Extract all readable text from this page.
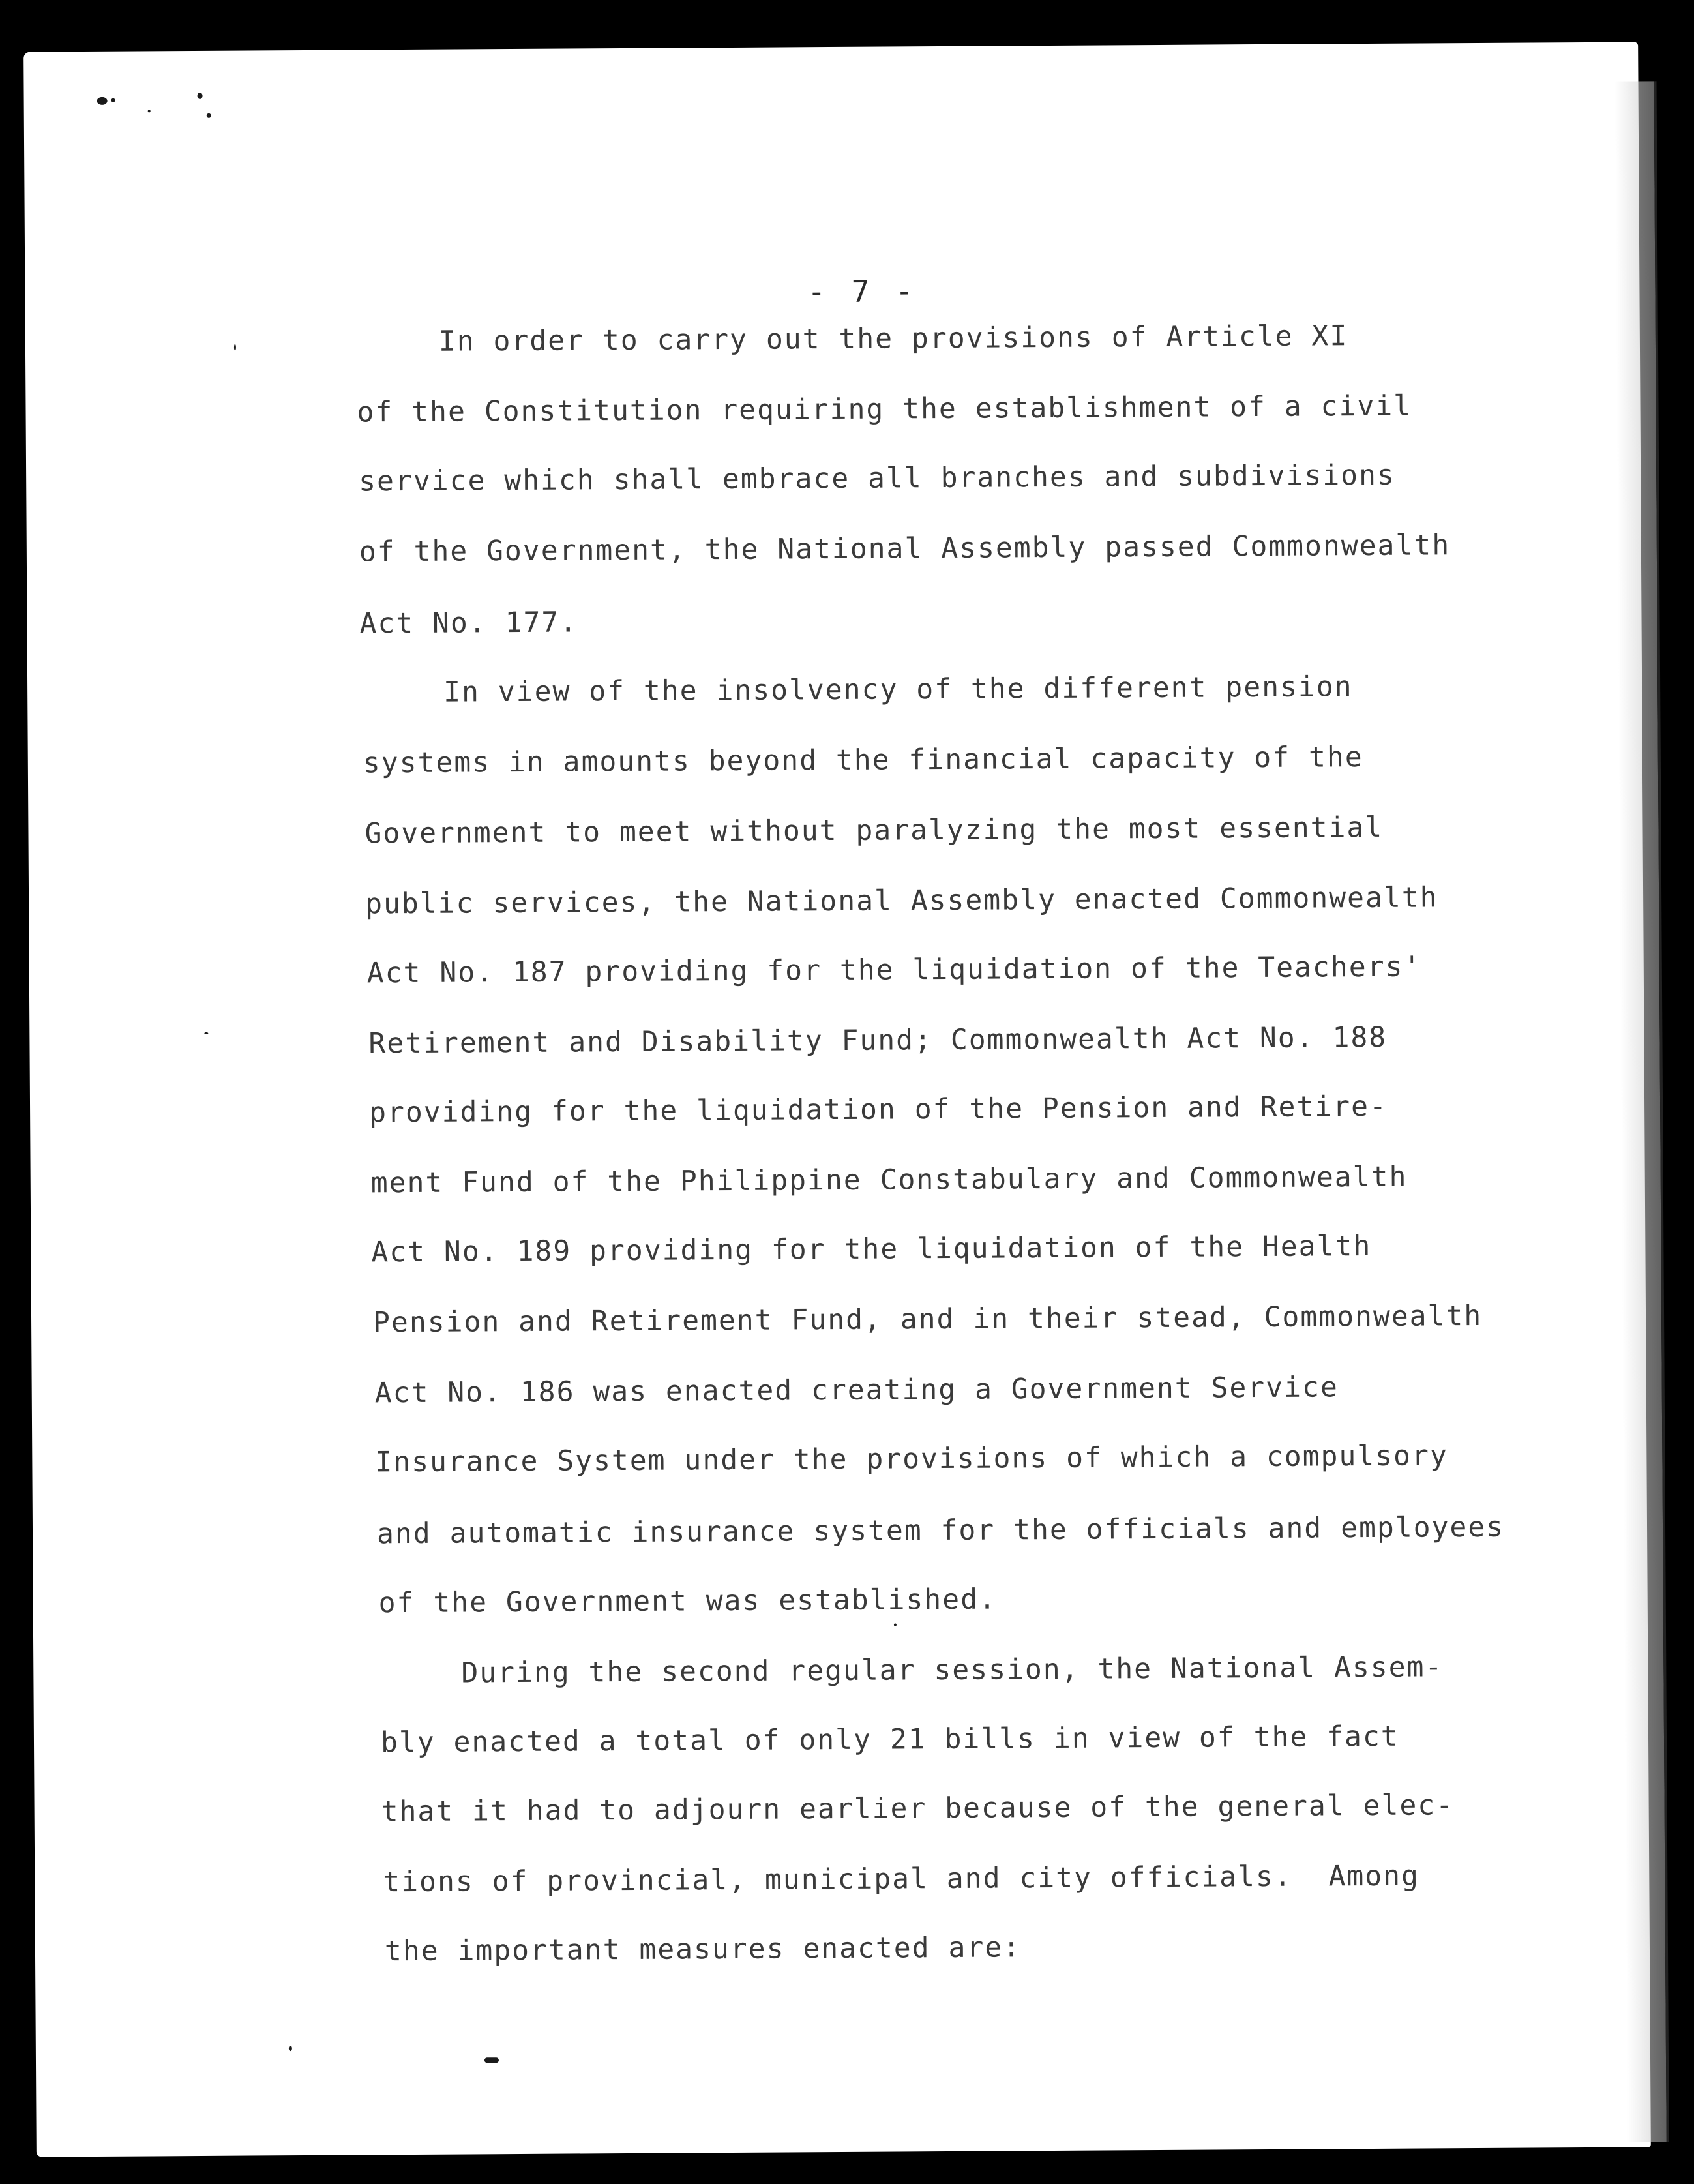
- 7 -
In order to carry out the provisions of Article XI
of the Constitution requiring the establishment of a civil
service which shall embrace all branches and subdivisions
of the Government, the National Assembly passed Commonwealth
Act No. 177.
In view of the insolvency of the different pension
systems in amounts beyond the financial capacity of the
Government to meet without paralyzing the most essential
public services, the National Assembly enacted Commonwealth
Act No. 187 providing for the liquidation of the Teachers'
Retirement and Disability Fund; Commonwealth Act No. 188
providing for the liquidation of the Pension and Retire-
ment Fund of the Philippine Constabulary and Commonwealth
Act No. 189 providing for the liquidation of the Health
Pension and Retirement Fund, and in their stead, Commonwealth
Act No. 186 was enacted creating a Government Service
Insurance System under the provisions of which a compulsory
and automatic insurance system for the officials and employees
of the Government was established.
During the second regular session, the National Assem-
bly enacted a total of only 21 bills in view of the fact
that it had to adjourn earlier because of the general elec-
tions of provincial, municipal and city officials.  Among
the important measures enacted are:
